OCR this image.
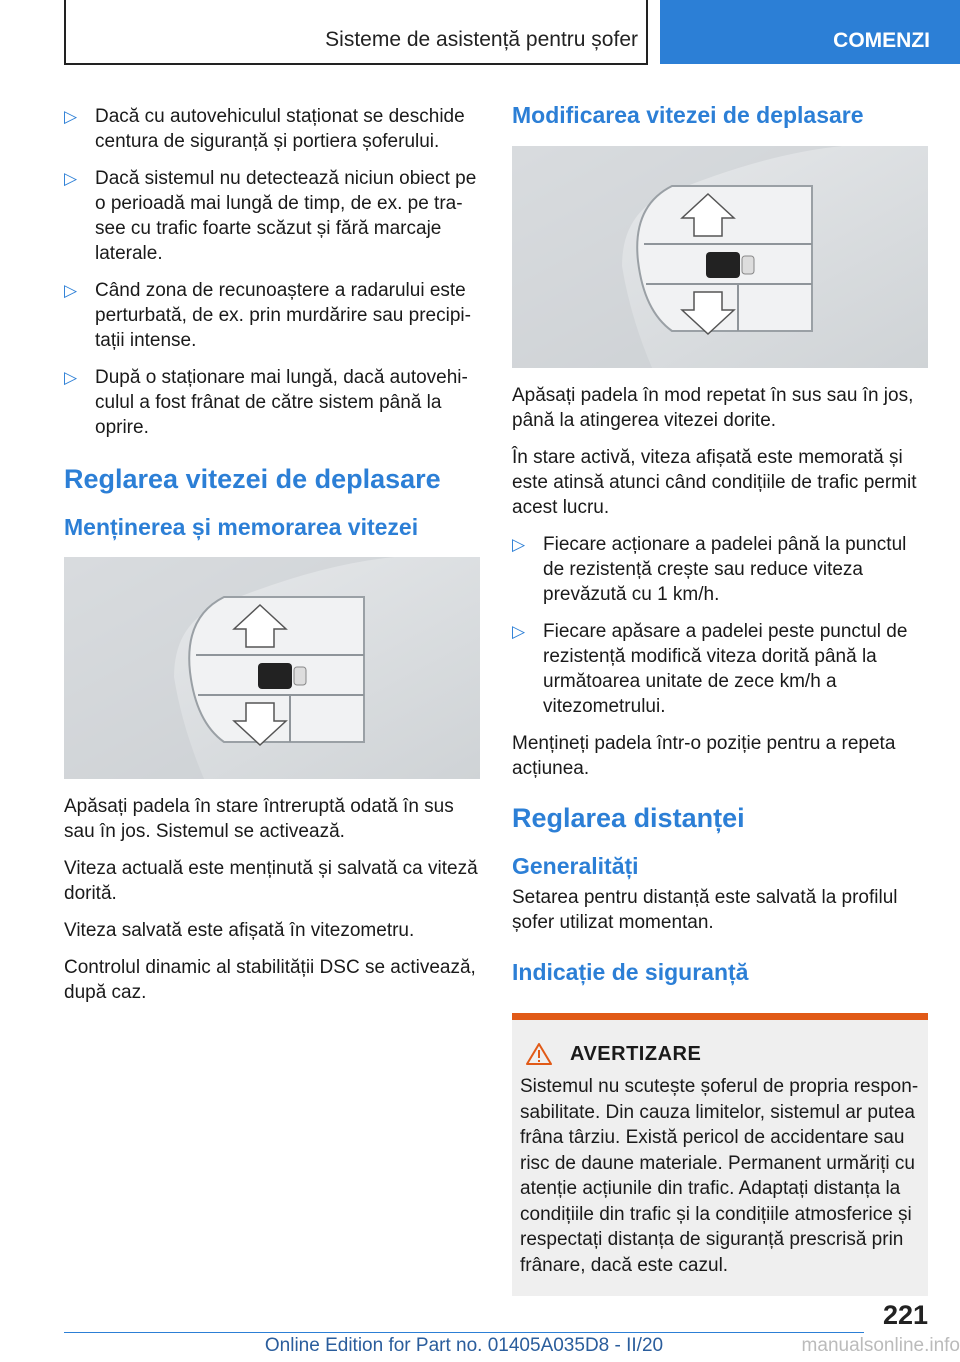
Sisteme de asistență pentru șofer	COMENZI
▷ Dacă cu autovehiculul staționat se deschide centura de siguranță și portiera șoferului.
▷ Dacă sistemul nu detectează niciun obiect pe o perioadă mai lungă de timp, de ex. pe trasee cu trafic foarte scăzut și fără marcaje laterale.
▷ Când zona de recunoaștere a radarului este perturbată, de ex. prin murdărire sau precipitații intense.
▷ După o staționare mai lungă, dacă autovehiculul a fost frânat de către sistem până la oprire.
Reglarea vitezei de deplasare
Menținerea și memorarea vitezei

Apăsați padela în stare întreruptă odată în sus sau în jos. Sistemul se activează.

Viteza actuală este menținută și salvată ca viteză dorită.

Viteza salvată este afișată în vitezometru.

Controlul dinamic al stabilității DSC se activează, după caz.

Modificarea vitezei de deplasare

Apăsați padela în mod repetat în sus sau în jos, până la atingerea vitezei dorite.

În stare activă, viteza afișată este memorată și este atinsă atunci când condițiile de trafic permit acest lucru.

▷ Fiecare acționare a padelei până la punctul de rezistență crește sau reduce viteza prevăzută cu 1 km/h.
▷ Fiecare apăsare a padelei peste punctul de rezistență modifică viteza dorită până la următoarea unitate de zece km/h a vitezometrului.

Mențineți padela într-o poziție pentru a repeta acțiunea.

Reglarea distanței
Generalități

Setarea pentru distanță este salvată la profilul șofer utilizat momentan.

Indicație de siguranță
AVERTIZARE
Sistemul nu scutește șoferul de propria responsabilitate. Din cauza limitelor, sistemul ar putea frâna târziu. Există pericol de accidentare sau risc de daune materiale. Permanent urmăriți cu atenție acțiunile din trafic. Adaptați distanța la condițiile din trafic și la condițiile atmosferice și respectați distanța de siguranță prescrisă prin frânare, dacă este cazul.
221
Online Edition for Part no. 01405A035D8 - II/20	manualsonline.info
